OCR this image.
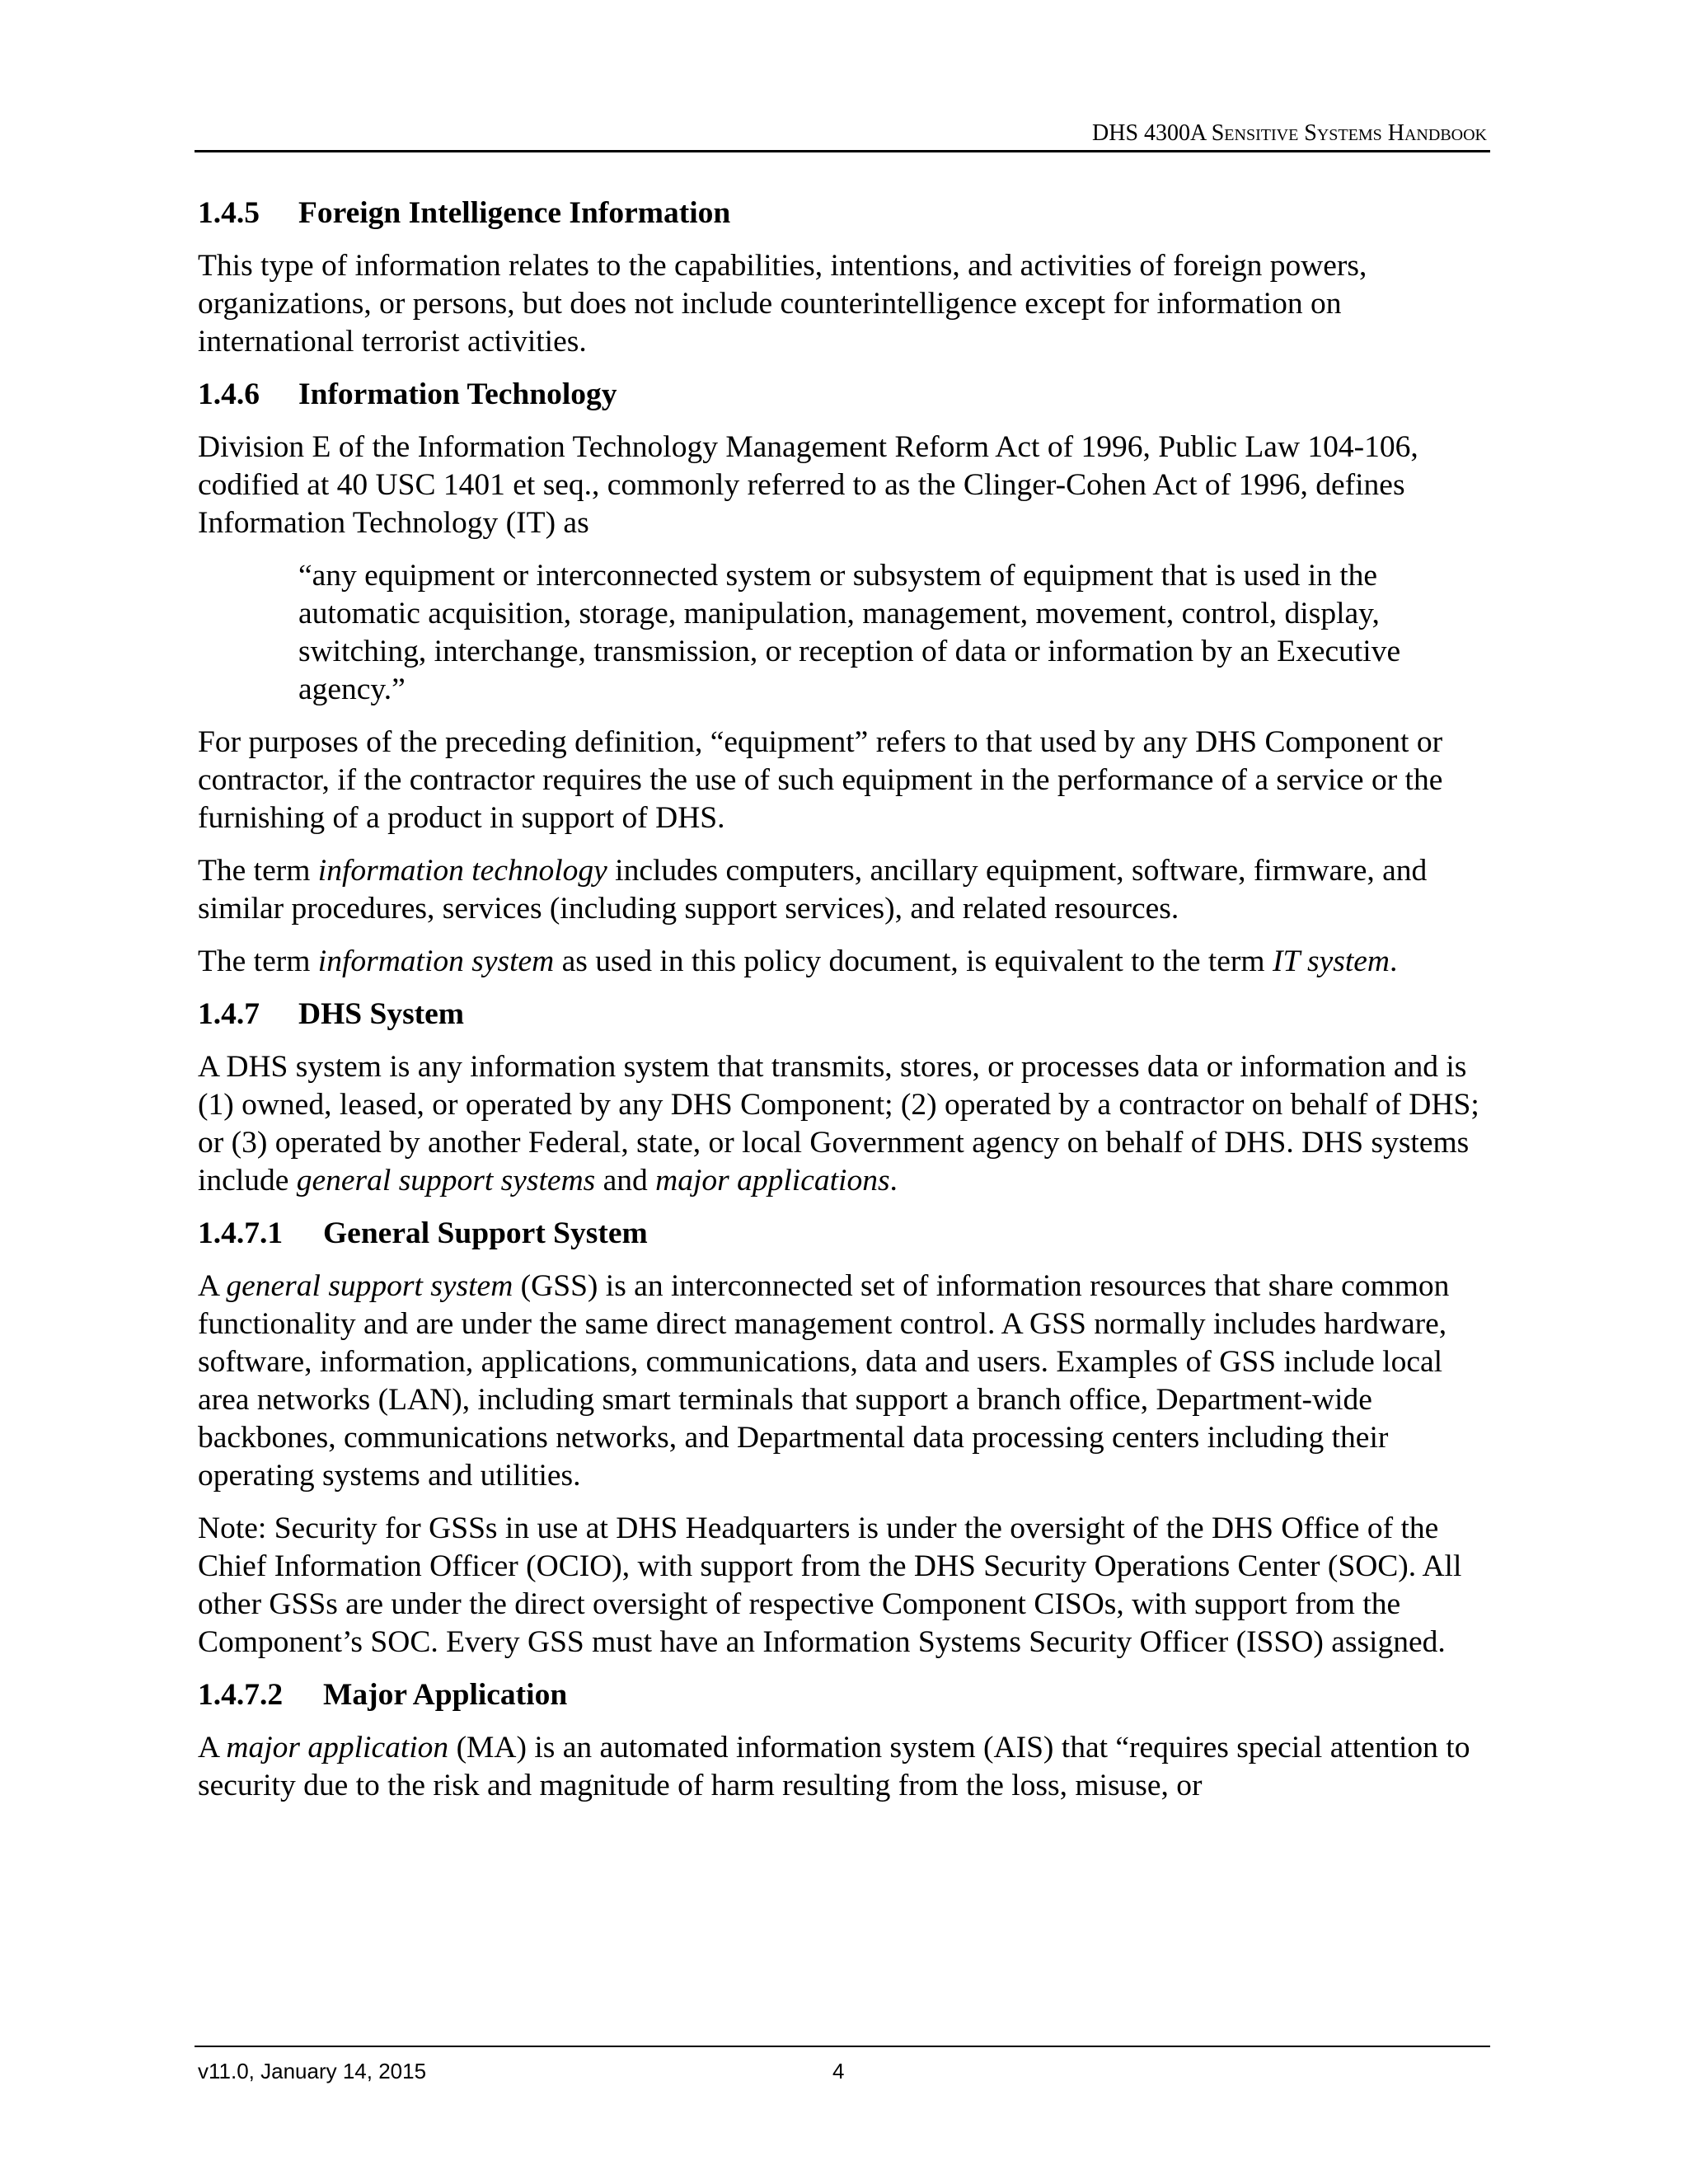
DHS 4300A Sensitive Systems Handbook
1.4.5 Foreign Intelligence Information

This type of information relates to the capabilities, intentions, and activities of foreign powers, organizations, or persons, but does not include counterintelligence except for information on international terrorist activities.

1.4.6 Information Technology

Division E of the Information Technology Management Reform Act of 1996, Public Law 104-106, codified at 40 USC 1401 et seq., commonly referred to as the Clinger-Cohen Act of 1996, defines Information Technology (IT) as

“any equipment or interconnected system or subsystem of equipment that is used in the automatic acquisition, storage, manipulation, management, movement, control, display, switching, interchange, transmission, or reception of data or information by an Executive agency.”

For purposes of the preceding definition, “equipment” refers to that used by any DHS Component or contractor, if the contractor requires the use of such equipment in the performance of a service or the furnishing of a product in support of DHS.

The term information technology includes computers, ancillary equipment, software, firmware, and similar procedures, services (including support services), and related resources.

The term information system as used in this policy document, is equivalent to the term IT system.

1.4.7 DHS System

A DHS system is any information system that transmits, stores, or processes data or information and is (1) owned, leased, or operated by any DHS Component; (2) operated by a contractor on behalf of DHS; or (3) operated by another Federal, state, or local Government agency on behalf of DHS. DHS systems include general support systems and major applications.

1.4.7.1 General Support System

A general support system (GSS) is an interconnected set of information resources that share common functionality and are under the same direct management control. A GSS normally includes hardware, software, information, applications, communications, data and users. Examples of GSS include local area networks (LAN), including smart terminals that support a branch office, Department-wide backbones, communications networks, and Departmental data processing centers including their operating systems and utilities.

Note: Security for GSSs in use at DHS Headquarters is under the oversight of the DHS Office of the Chief Information Officer (OCIO), with support from the DHS Security Operations Center (SOC). All other GSSs are under the direct oversight of respective Component CISOs, with support from the Component’s SOC. Every GSS must have an Information Systems Security Officer (ISSO) assigned.

1.4.7.2 Major Application

A major application (MA) is an automated information system (AIS) that “requires special attention to security due to the risk and magnitude of harm resulting from the loss, misuse, or

v11.0, January 14, 2015	4
